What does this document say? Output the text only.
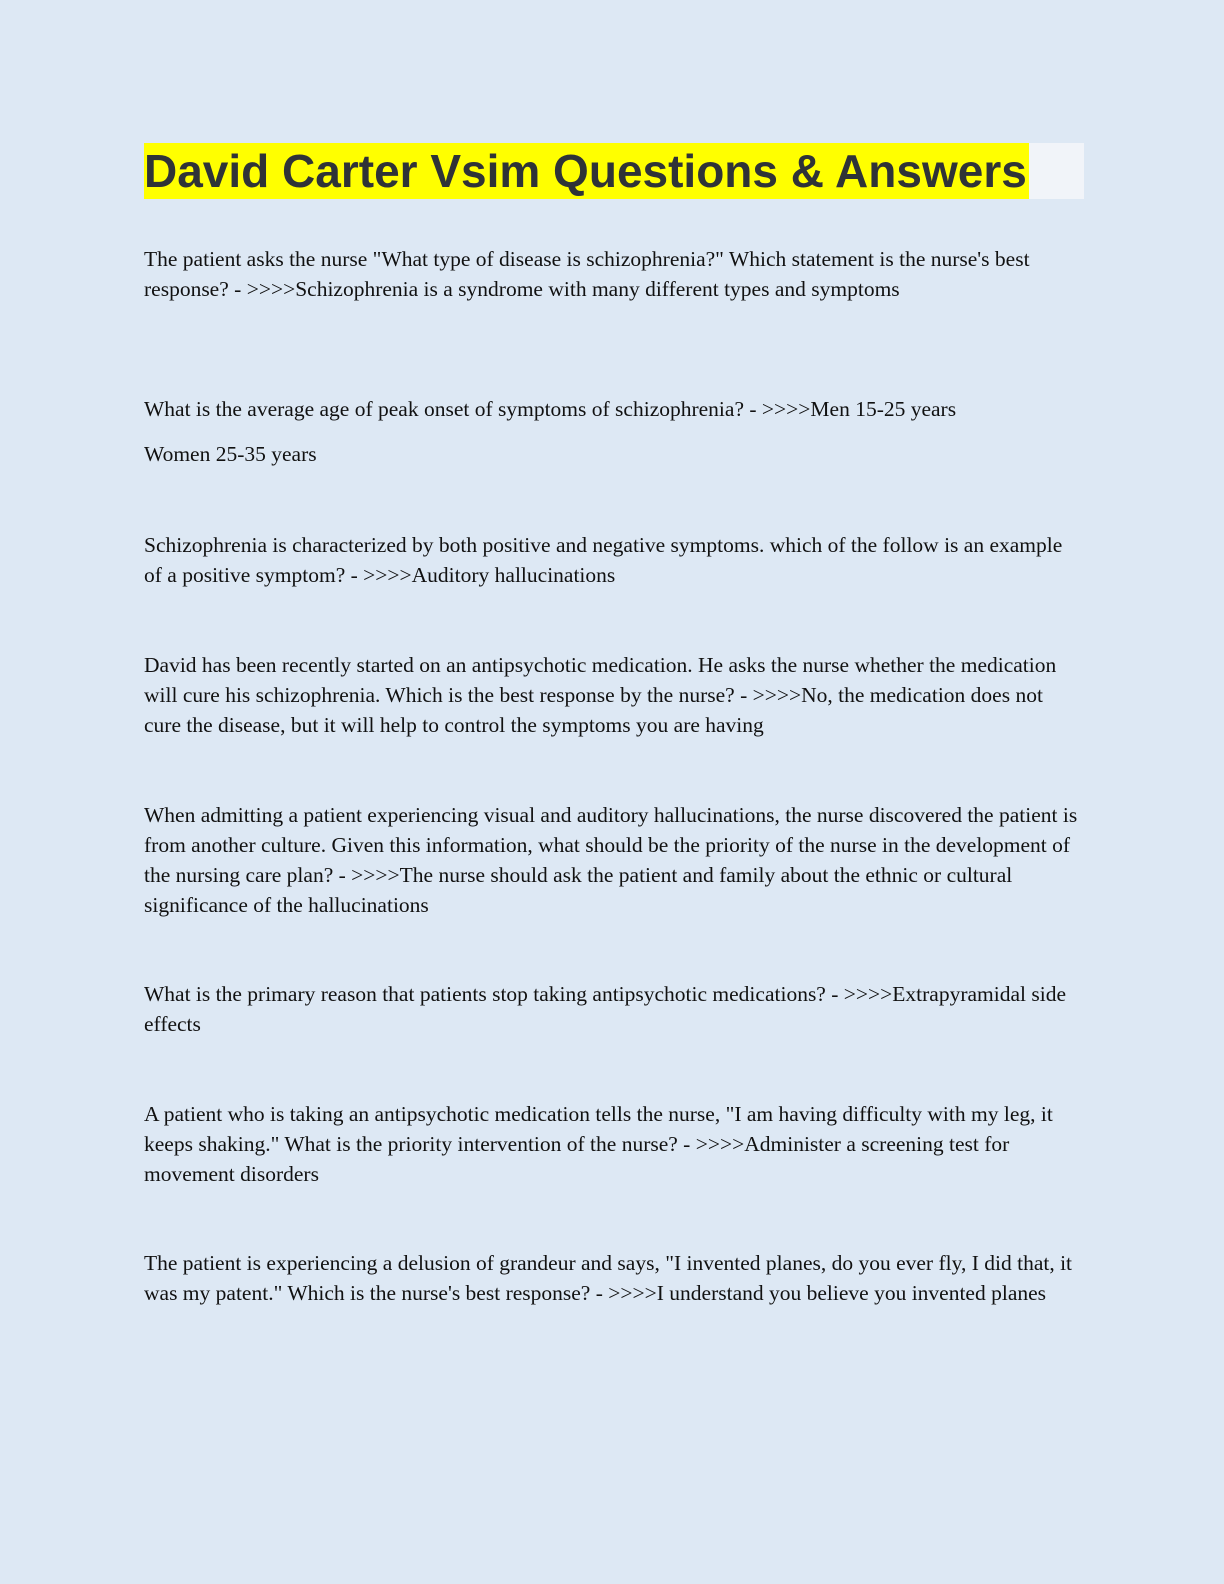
David Carter Vsim Questions & Answers

The patient asks the nurse "What type of disease is schizophrenia?" Which statement is the nurse's best response? - >>>>Schizophrenia is a syndrome with many different types and symptoms

What is the average age of peak onset of symptoms of schizophrenia? - >>>>Men 15-25 years

Women 25-35 years

Schizophrenia is characterized by both positive and negative symptoms. which of the follow is an example of a positive symptom? - >>>>Auditory hallucinations

David has been recently started on an antipsychotic medication. He asks the nurse whether the medication will cure his schizophrenia. Which is the best response by the nurse? - >>>>No, the medication does not cure the disease, but it will help to control the symptoms you are having

When admitting a patient experiencing visual and auditory hallucinations, the nurse discovered the patient is from another culture. Given this information, what should be the priority of the nurse in the development of the nursing care plan? - >>>>The nurse should ask the patient and family about the ethnic or cultural significance of the hallucinations

What is the primary reason that patients stop taking antipsychotic medications? - >>>>Extrapyramidal side effects

A patient who is taking an antipsychotic medication tells the nurse, "I am having difficulty with my leg, it keeps shaking." What is the priority intervention of the nurse? - >>>>Administer a screening test for movement disorders

The patient is experiencing a delusion of grandeur and says, "I invented planes, do you ever fly, I did that, it was my patent." Which is the nurse's best response? - >>>>I understand you believe you invented planes
